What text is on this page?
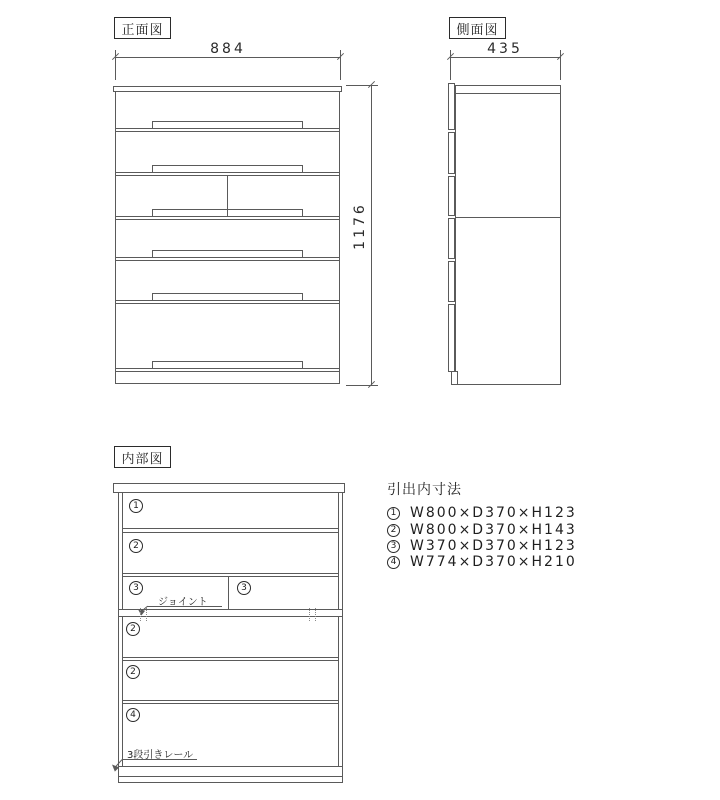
正面図
884
1176
側面図
435
内部図
1
2
3	3
2
2
4
ジョイント
3段引きレール
引出内寸法
1 W800×D370×H123
2 W800×D370×H143
3 W370×D370×H123
4 W774×D370×H210
